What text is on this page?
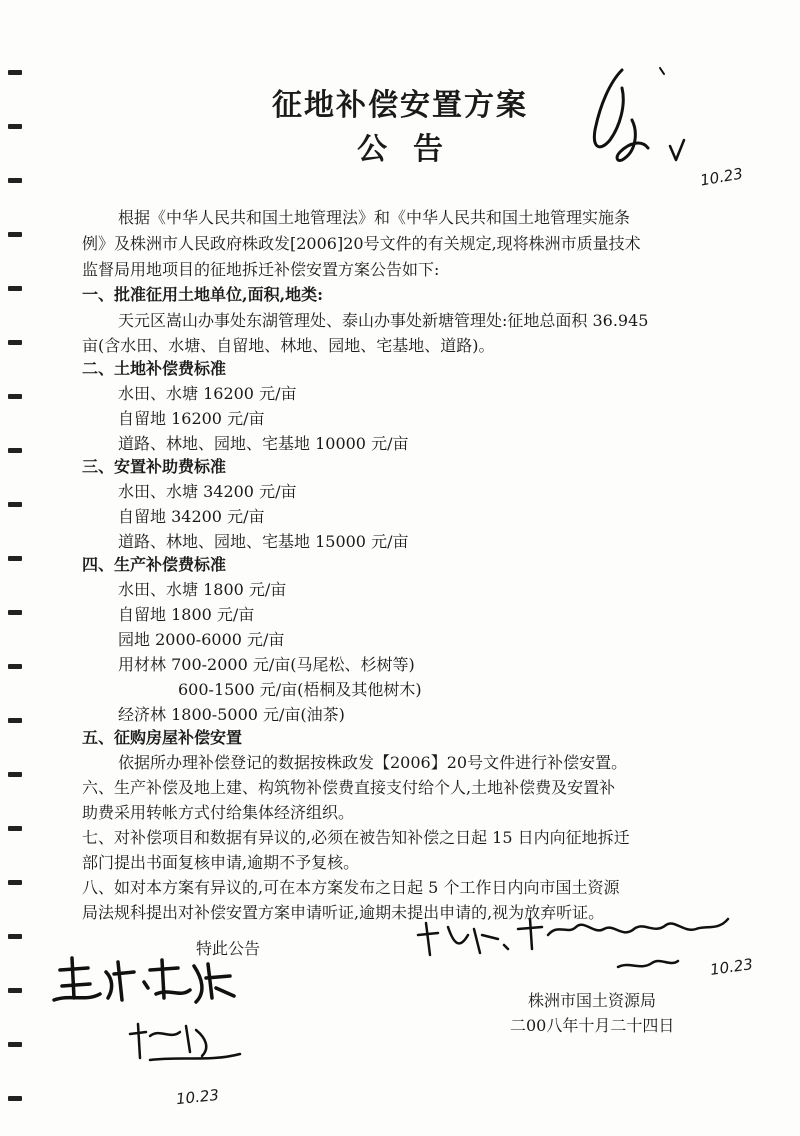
征地补偿安置方案
公告
根据《中华人民共和国土地管理法》和《中华人民共和国土地管理实施条
例》及株洲市人民政府株政发[2006]20号文件的有关规定,现将株洲市质量技术
监督局用地项目的征地拆迁补偿安置方案公告如下:
一、批准征用土地单位,面积,地类:
天元区嵩山办事处东湖管理处、泰山办事处新塘管理处:征地总面积 36.945
亩(含水田、水塘、自留地、林地、园地、宅基地、道路)。
二、土地补偿费标准
水田、水塘 16200 元/亩
自留地 16200 元/亩
道路、林地、园地、宅基地 10000 元/亩
三、安置补助费标准
水田、水塘 34200 元/亩
自留地 34200 元/亩
道路、林地、园地、宅基地 15000 元/亩
四、生产补偿费标准
水田、水塘 1800 元/亩
自留地 1800 元/亩
园地 2000-6000 元/亩
用材林 700-2000 元/亩(马尾松、杉树等)
600-1500 元/亩(梧桐及其他树木)
经济林 1800-5000 元/亩(油茶)
五、征购房屋补偿安置
依据所办理补偿登记的数据按株政发【2006】20号文件进行补偿安置。
六、生产补偿及地上建、构筑物补偿费直接支付给个人,土地补偿费及安置补
助费采用转帐方式付给集体经济组织。
七、对补偿项目和数据有异议的,必须在被告知补偿之日起 15 日内向征地拆迁
部门提出书面复核申请,逾期不予复核。
八、如对本方案有异议的,可在本方案发布之日起 5 个工作日内向市国土资源
局法规科提出对补偿安置方案申请听证,逾期未提出申请的,视为放弃听证。
特此公告
株洲市国土资源局
二00八年十月二十四日
10.23
10.23
10.23
